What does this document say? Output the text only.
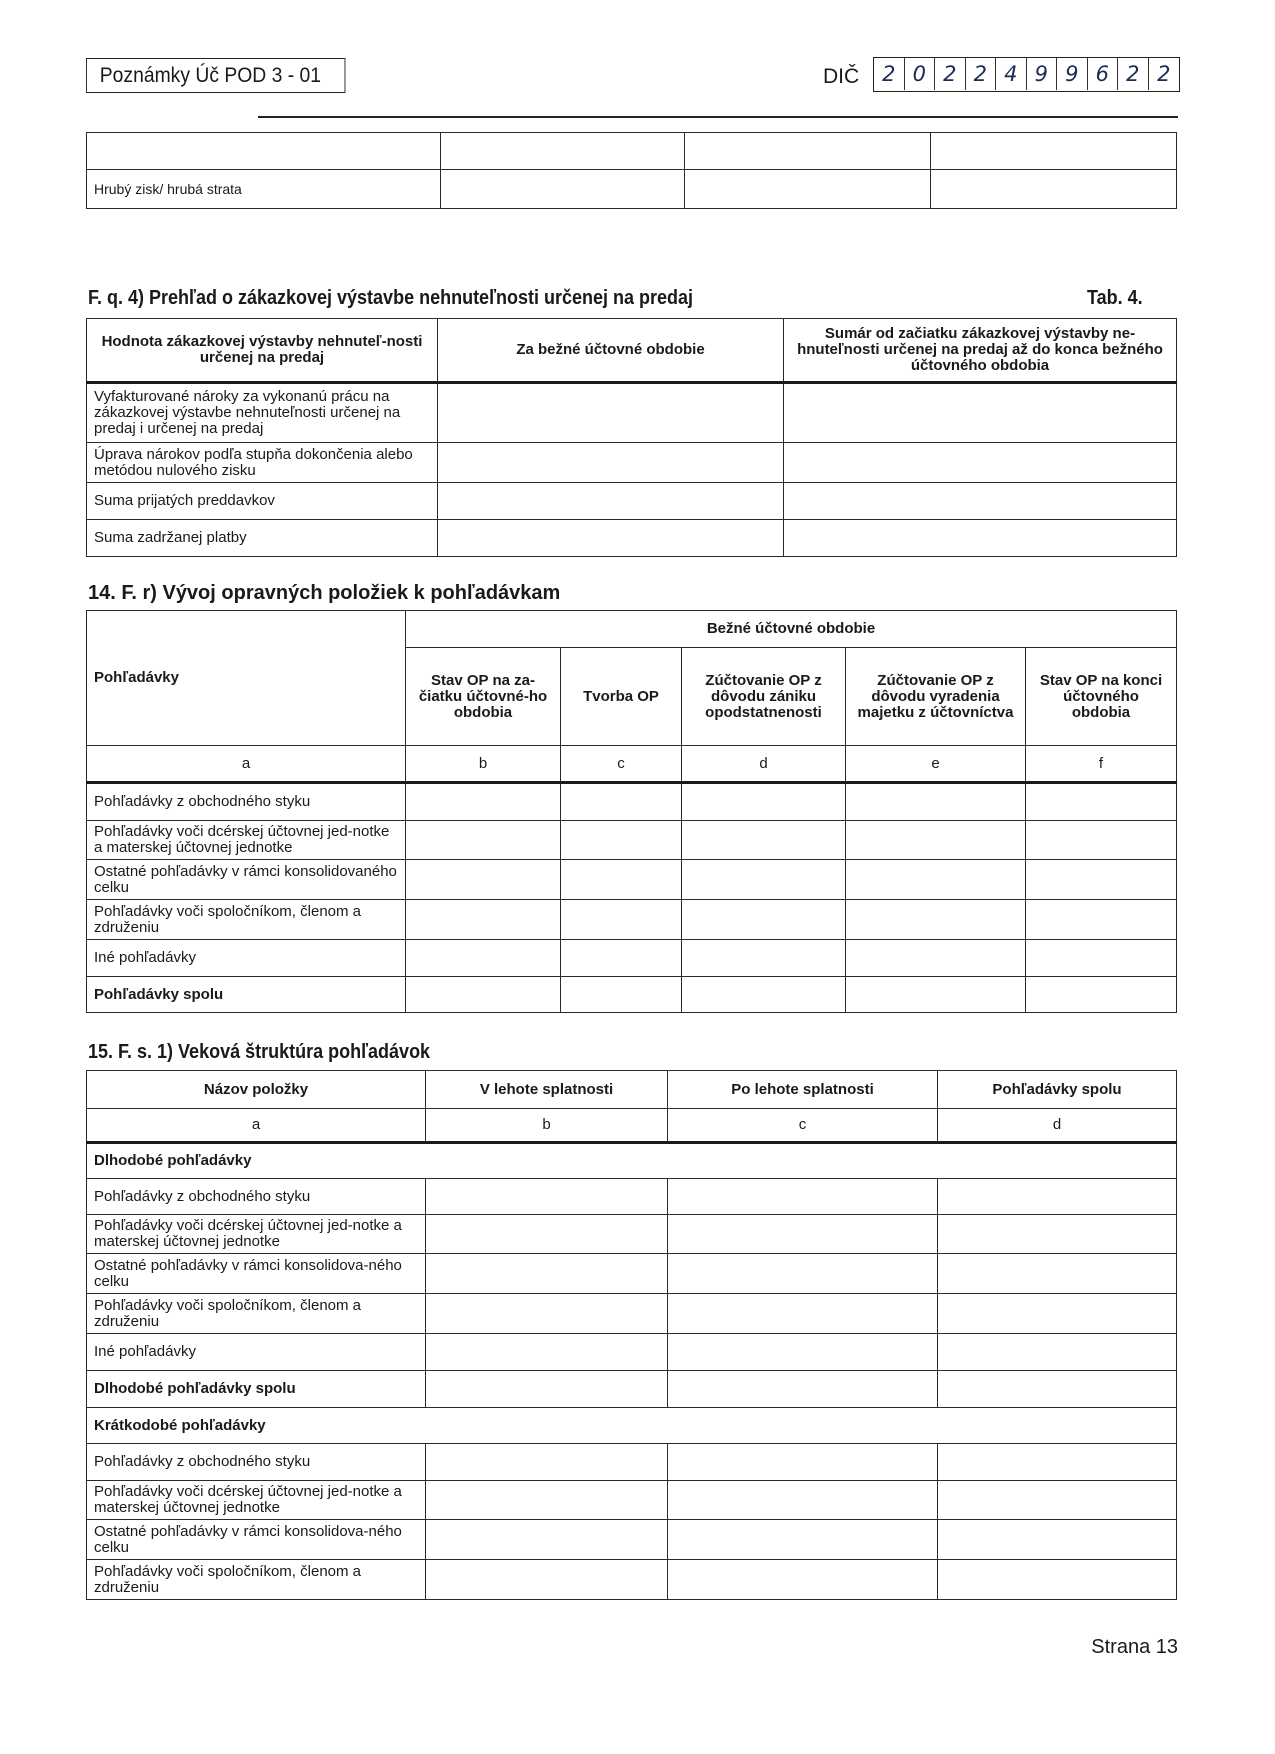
Poznámky Úč POD 3 - 01	DIČ	2 0 2 2 4 9 9 6 2 2

Hrubý zisk/ hrubá strata			
F. q. 4) Prehľad o zákazkovej výstavbe nehnuteľnosti určenej na predaj	Tab. 4.
Hodnota zákazkovej výstavby nehnuteľ-nosti určenej na predaj	Za bežné účtovné obdobie	Sumár od začiatku zákazkovej výstavby ne-hnuteľnosti určenej na predaj až do konca bežného účtovného obdobia
Vyfakturované nároky za vykonanú prácu na zákazkovej výstavbe nehnuteľnosti určenej na predaj i určenej na predaj		
Úprava nárokov podľa stupňa dokončenia alebo metódou nulového zisku		
Suma prijatých preddavkov		
Suma zadržanej platby		
14. F. r) Vývoj opravných položiek k pohľadávkam
Pohľadávky	Bežné účtovné obdobie				
	Stav OP na za-čiatku účtovné-ho obdobia	Tvorba OP	Zúčtovanie OP z dôvodu zániku opodstatnenosti	Zúčtovanie OP z dôvodu vyradenia majetku z účtovníctva	Stav OP na konci účtovného obdobia
a	b	c	d	e	f
Pohľadávky z obchodného styku					
Pohľadávky voči dcérskej účtovnej jed-notke a materskej účtovnej jednotke					
Ostatné pohľadávky v rámci konsolidovaného celku					
Pohľadávky voči spoločníkom, členom a združeniu					
Iné pohľadávky					
Pohľadávky spolu					
15. F. s. 1) Veková štruktúra pohľadávok
Názov položky	V lehote splatnosti	Po lehote splatnosti	Pohľadávky spolu
a	b	c	d
Dlhodobé pohľadávky			
Pohľadávky z obchodného styku			
Pohľadávky voči dcérskej účtovnej jed-notke a materskej účtovnej jednotke			
Ostatné pohľadávky v rámci konsolidova-ného celku			
Pohľadávky voči spoločníkom, členom a združeniu			
Iné pohľadávky			
Dlhodobé pohľadávky spolu			
Krátkodobé pohľadávky			
Pohľadávky z obchodného styku			
Pohľadávky voči dcérskej účtovnej jed-notke a materskej účtovnej jednotke			
Ostatné pohľadávky v rámci konsolidova-ného celku			
Pohľadávky voči spoločníkom, členom a združeniu			
Strana 13
